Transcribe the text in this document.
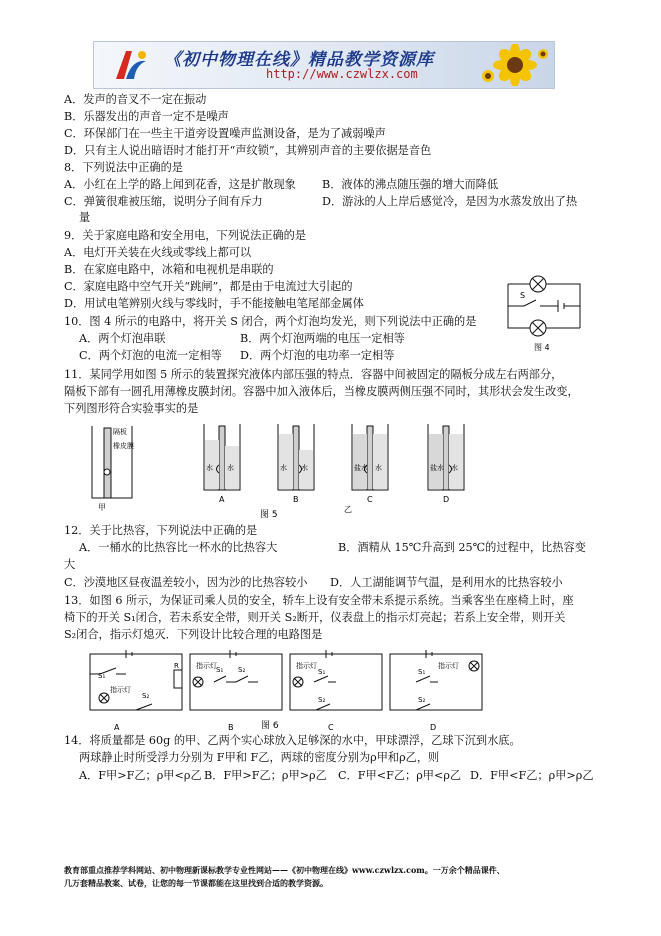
《初中物理在线》精品教学资源库
http://www.czwlzx.com
A．发声的音叉不一定在振动
B．乐器发出的声音一定不是噪声
C．环保部门在一些主干道旁设置噪声监测设备，是为了减弱噪声
D．只有主人说出暗语时才能打开“声纹锁”，其辨别声音的主要依据是音色
8．下列说法中正确的是
A．小红在上学的路上闻到花香，这是扩散现象 B．液体的沸点随压强的增大而降低
C．弹簧很难被压缩，说明分子间有斥力	D．游泳的人上岸后感觉冷，是因为水蒸发放出了热
量
9．关于家庭电路和安全用电，下列说法正确的是
A．电灯开关装在火线或零线上都可以
B．在家庭电路中，冰箱和电视机是串联的
C．家庭电路中空气开关“跳闸”，都是由于电流过大引起的
D．用试电笔辨别火线与零线时，手不能接触电笔尾部金属体
10．图 4 所示的电路中，将开关 S 闭合，两个灯泡均发光，则下列说法中正确的是
A．两个灯泡串联	B．两个灯泡两端的电压一定相等
C．两个灯泡的电流一定相等 D．两个灯泡的电功率一定相等
11．某同学用如图 5 所示的装置探究液体内部压强的特点．容器中间被固定的隔板分成左右两部分，
隔板下部有一圆孔用薄橡皮膜封闭。容器中加入液体后，当橡皮膜两侧压强不同时，其形状会发生改变，
下列图形符合实验事实的是
S
图 4
隔板
橡皮膜
甲
水 水	水 水	盐水 水	盐水 水
A	B	C	D
乙
图 5
12．关于比热容，下列说法中正确的是
A．一桶水的比热容比一杯水的比热容大	B．酒精从 15℃升高到 25℃的过程中，比热容变
大
C．沙漠地区昼夜温差较小，因为沙的比热容较小 D．人工湖能调节气温，是利用水的比热容较小
13．如图 6 所示，为保证司乘人员的安全，轿车上设有安全带未系提示系统。当乘客坐在座椅上时，座
椅下的开关 S₁闭合，若未系安全带，则开关 S₂断开，仪表盘上的指示灯亮起；若系上安全带，则开关
S₂闭合，指示灯熄灭．下列设计比较合理的电路图是
S₁
指示灯
S₂
R 指示灯 S₁ S₂	指示灯
S₁
S₂
指示灯
S₁
S₂
A	B	图 6	C	D
14．将质量都是 60g 的甲、乙两个实心球放入足够深的水中，甲球漂浮，乙球下沉到水底。
两球静止时所受浮力分别为 F甲和 F乙，两球的密度分别为ρ甲和ρ乙，则
A．F甲>F乙；ρ甲<ρ乙 B．F甲>F乙；ρ甲>ρ乙 C．F甲<F乙；ρ甲<ρ乙 D．F甲<F乙；ρ甲>ρ乙
教育部重点推荐学科网站、初中物理新课标教学专业性网站——《初中物理在线》www.czwlzx.com。一万余个精品课件、
几万套精品教案、试卷，让您的每一节课都能在这里找到合适的教学资源。
